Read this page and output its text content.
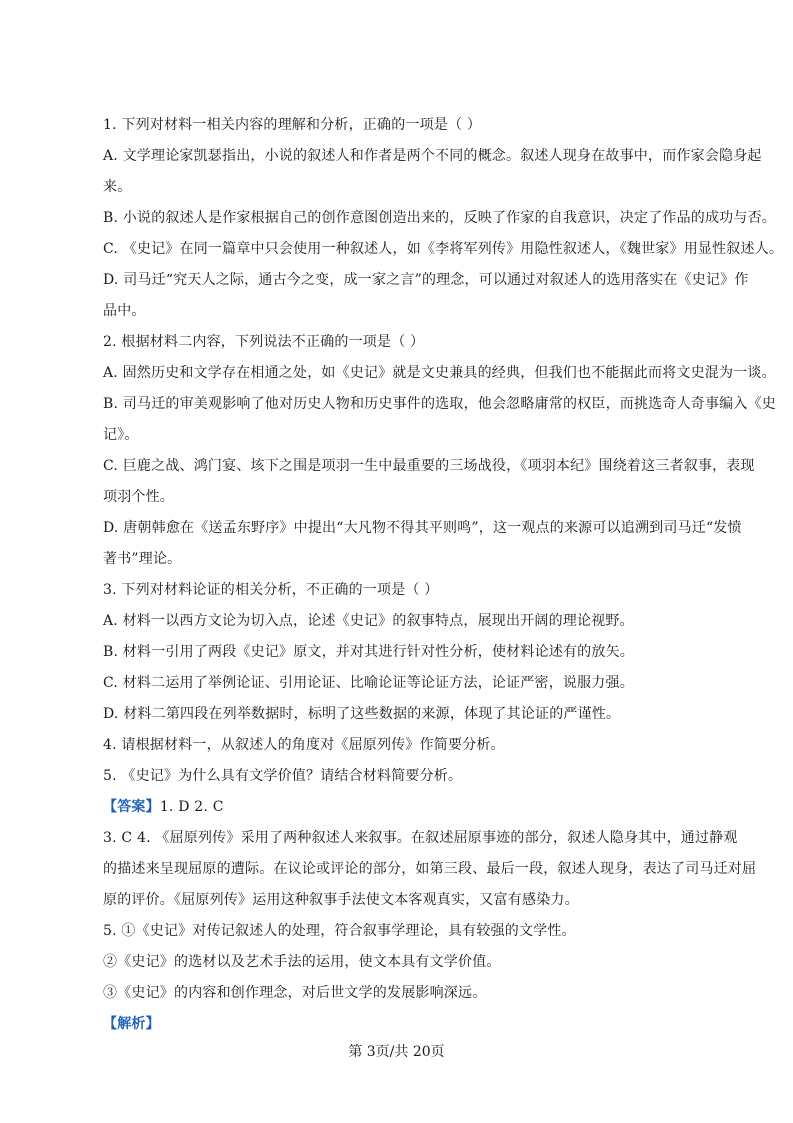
1. 下列对材料一相关内容的理解和分析，正确的一项是（ ）
A. 文学理论家凯瑟指出，小说的叙述人和作者是两个不同的概念。叙述人现身在故事中，而作家会隐身起
来。
B. 小说的叙述人是作家根据自己的创作意图创造出来的，反映了作家的自我意识，决定了作品的成功与否。
C. 《史记》在同一篇章中只会使用一种叙述人，如《李将军列传》用隐性叙述人，《魏世家》用显性叙述人。
D. 司马迁“究天人之际，通古今之变，成一家之言”的理念，可以通过对叙述人的选用落实在《史记》作
品中。
2. 根据材料二内容，下列说法不正确的一项是（ ）
A. 固然历史和文学存在相通之处，如《史记》就是文史兼具的经典，但我们也不能据此而将文史混为一谈。
B. 司马迁的审美观影响了他对历史人物和历史事件的选取，他会忽略庸常的权臣，而挑选奇人奇事编入《史
记》。
C. 巨鹿之战、鸿门宴、垓下之围是项羽一生中最重要的三场战役，《项羽本纪》围绕着这三者叙事，表现
项羽个性。
D. 唐朝韩愈在《送孟东野序》中提出“大凡物不得其平则鸣”，这一观点的来源可以追溯到司马迁“发愤
著书”理论。
3. 下列对材料论证的相关分析，不正确的一项是（ ）
A. 材料一以西方文论为切入点，论述《史记》的叙事特点，展现出开阔的理论视野。
B. 材料一引用了两段《史记》原文，并对其进行针对性分析，使材料论述有的放矢。
C. 材料二运用了举例论证、引用论证、比喻论证等论证方法，论证严密，说服力强。
D. 材料二第四段在列举数据时，标明了这些数据的来源，体现了其论证的严谨性。
4. 请根据材料一，从叙述人的角度对《屈原列传》作简要分析。
5. 《史记》为什么具有文学价值？请结合材料简要分析。
【答案】1. D 2. C
3. C 4. 《屈原列传》采用了两种叙述人来叙事。在叙述屈原事迹的部分，叙述人隐身其中，通过静观
的描述来呈现屈原的遭际。在议论或评论的部分，如第三段、最后一段，叙述人现身，表达了司马迁对屈
原的评价。《屈原列传》运用这种叙事手法使文本客观真实，又富有感染力。
5. ①《史记》对传记叙述人的处理，符合叙事学理论，具有较强的文学性。
②《史记》的选材以及艺术手法的运用，使文本具有文学价值。
③《史记》的内容和创作理念，对后世文学的发展影响深远。
【解析】
第 3页/共 20页
